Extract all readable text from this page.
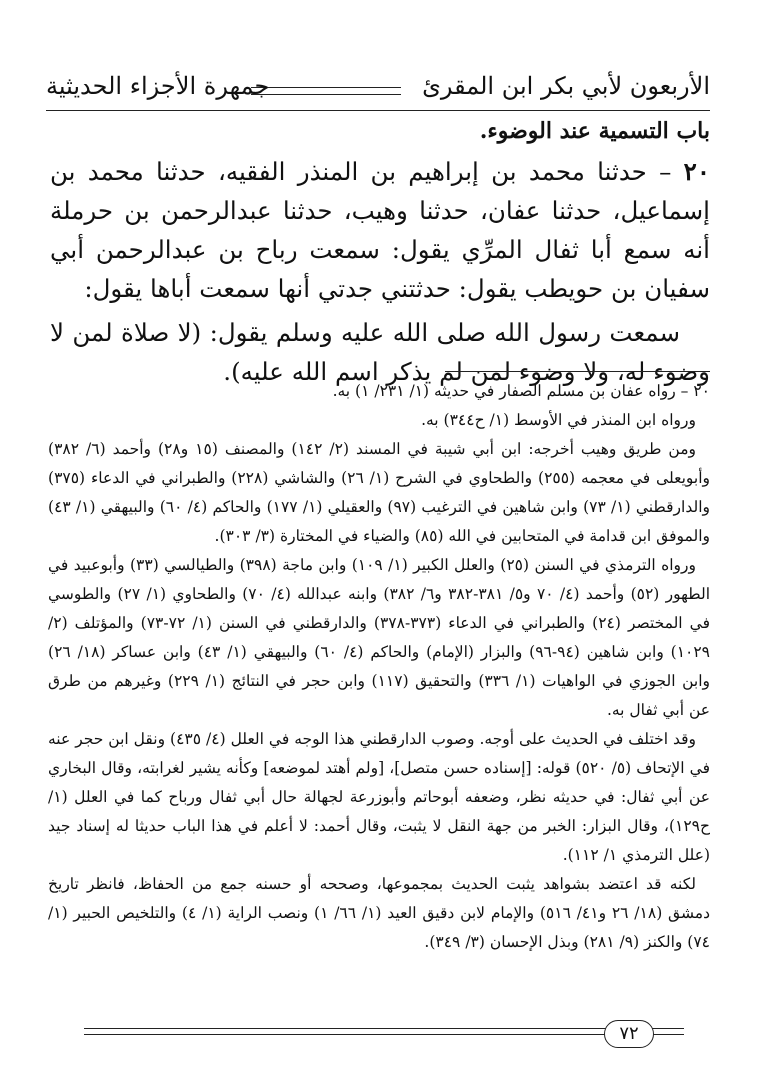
الأربعون لأبي بكر ابن المقرئ
جمهرة الأجزاء الحديثية
باب التسمية عند الوضوء.

٢٠ – حدثنا محمد بن إبراهيم بن المنذر الفقيه، حدثنا محمد بن إسماعيل، حدثنا عفان، حدثنا وهيب، حدثنا عبدالرحمن بن حرملة أنه سمع أبا ثفال المرِّي يقول: سمعت رباح بن عبدالرحمن أبي سفيان بن حويطب يقول: حدثتني جدتي أنها سمعت أباها يقول:

سمعت رسول الله صلى الله عليه وسلم يقول: (لا صلاة لمن لا وضوء له، ولا وضوء لمن لم يذكر اسم الله عليه).

٢٠ – رواه عفان بن مسلم الصفار في حديثه (١/ ٢٣١/ ١) به.

ورواه ابن المنذر في الأوسط (١/ ح٣٤٤) به.

ومن طريق وهيب أخرجه: ابن أبي شيبة في المسند (٢/ ١٤٢) والمصنف (١٥ و٢٨) وأحمد (٦/ ٣٨٢) وأبويعلى في معجمه (٢٥٥) والطحاوي في الشرح (١/ ٢٦) والشاشي (٢٢٨) والطبراني في الدعاء (٣٧٥) والدارقطني (١/ ٧٣) وابن شاهين في الترغيب (٩٧) والعقيلي (١/ ١٧٧) والحاكم (٤/ ٦٠) والبيهقي (١/ ٤٣) والموفق ابن قدامة في المتحابين في الله (٨٥) والضياء في المختارة (٣/ ٣٠٣).

ورواه الترمذي في السنن (٢٥) والعلل الكبير (١/ ١٠٩) وابن ماجة (٣٩٨) والطيالسي (٣٣) وأبوعبيد في الطهور (٥٢) وأحمد (٤/ ٧٠ و٥/ ٣٨١-٣٨٢ و٦/ ٣٨٢) وابنه عبدالله (٤/ ٧٠) والطحاوي (١/ ٢٧) والطوسي في المختصر (٢٤) والطبراني في الدعاء (٣٧٣-٣٧٨) والدارقطني في السنن (١/ ٧٢-٧٣) والمؤتلف (٢/ ١٠٢٩) وابن شاهين (٩٤-٩٦) والبزار (الإمام) والحاكم (٤/ ٦٠) والبيهقي (١/ ٤٣) وابن عساكر (١٨/ ٢٦) وابن الجوزي في الواهيات (١/ ٣٣٦) والتحقيق (١١٧) وابن حجر في النتائج (١/ ٢٢٩) وغيرهم من طرق عن أبي ثفال به.

وقد اختلف في الحديث على أوجه. وصوب الدارقطني هذا الوجه في العلل (٤/ ٤٣٥) ونقل ابن حجر عنه في الإتحاف (٥/ ٥٢٠) قوله: [إسناده حسن متصل]، [ولم أهتد لموضعه] وكأنه يشير لغرابته، وقال البخاري عن أبي ثفال: في حديثه نظر، وضعفه أبوحاتم وأبوزرعة لجهالة حال أبي ثفال ورباح كما في العلل (١/ ح١٢٩)، وقال البزار: الخبر من جهة النقل لا يثبت، وقال أحمد: لا أعلم في هذا الباب حديثا له إسناد جيد (علل الترمذي ١/ ١١٢).

لكنه قد اعتضد بشواهد يثبت الحديث بمجموعها، وصححه أو حسنه جمع من الحفاظ، فانظر تاريخ دمشق (١٨/ ٢٦ و٤١/ ٥١٦) والإمام لابن دقيق العيد (١/ ٦٦/ ١) ونصب الراية (١/ ٤) والتلخيص الحبير (١/ ٧٤) والكنز (٩/ ٢٨١) وبذل الإحسان (٣/ ٣٤٩).

٧٢
